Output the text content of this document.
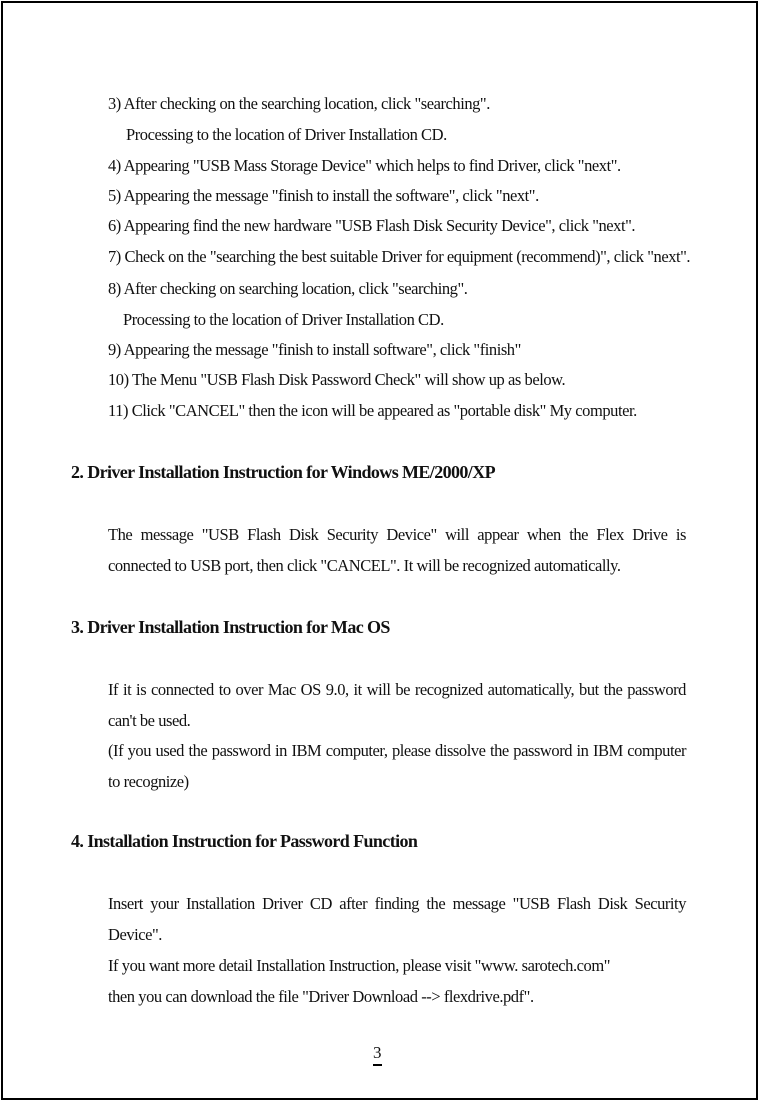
3) After checking on the searching location, click "searching".

Processing to the location of Driver Installation CD.

4) Appearing "USB Mass Storage Device" which helps to find Driver, click "next".

5) Appearing the message "finish to install the software", click "next".

6) Appearing find the new hardware "USB Flash Disk Security Device", click "next".

7) Check on the "searching the best suitable Driver for equipment (recommend)", click "next".

8) After checking on searching location, click "searching".

Processing to the location of Driver Installation CD.

9) Appearing the message "finish to install software", click "finish"

10) The Menu "USB Flash Disk Password Check" will show up as below.

11) Click "CANCEL" then the icon will be appeared as "portable disk" My computer.

2. Driver Installation Instruction for Windows ME/2000/XP

The message "USB Flash Disk Security Device" will appear when the Flex Drive is connected to USB port, then click "CANCEL". It will be recognized automatically.

3. Driver Installation Instruction for Mac OS

If it is connected to over Mac OS 9.0, it will be recognized automatically, but the password can't be used.

(If you used the password in IBM computer, please dissolve the password in IBM computer to recognize)

4. Installation Instruction for Password Function

Insert your Installation Driver CD after finding the message "USB Flash Disk Security Device".

If you want more detail Installation Instruction, please visit "www. sarotech.com"

then you can download the file "Driver Download --> flexdrive.pdf".

3
